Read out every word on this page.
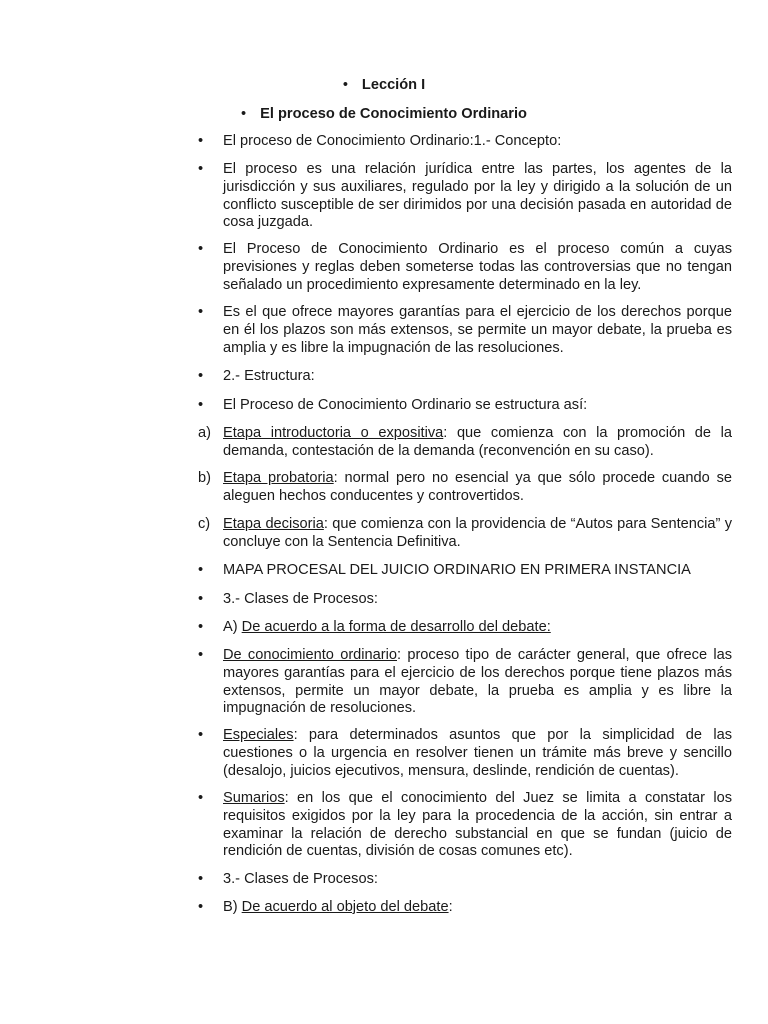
• Lección I
• El proceso de Conocimiento Ordinario
•	El proceso de Conocimiento Ordinario:1.- Concepto:
•	El proceso es una relación jurídica entre las partes, los agentes de la jurisdicción y sus auxiliares, regulado por la ley y dirigido a la solución de un conflicto susceptible de ser dirimidos por una decisión pasada en autoridad de cosa juzgada.
•	El Proceso de Conocimiento Ordinario es el proceso común a cuyas previsiones y reglas deben someterse todas las controversias que no tengan señalado un procedimiento expresamente determinado en la ley.
•	Es el que ofrece mayores garantías para el ejercicio de los derechos porque en él los plazos son más extensos, se permite un mayor debate, la prueba es amplia y es libre la impugnación de las resoluciones.
•	2.- Estructura:
•	El Proceso de Conocimiento Ordinario se estructura así:
a) Etapa introductoria o expositiva: que comienza con la promoción de la demanda, contestación de la demanda (reconvención en su caso).
b) Etapa probatoria: normal pero no esencial ya que sólo procede cuando se aleguen hechos conducentes y controvertidos.
c) Etapa decisoria: que comienza con la providencia de “Autos para Sentencia” y concluye con la Sentencia Definitiva.
•	MAPA PROCESAL DEL JUICIO ORDINARIO EN PRIMERA INSTANCIA
•	3.- Clases de Procesos:
•	A) De acuerdo a la forma de desarrollo del debate:
•	De conocimiento ordinario: proceso tipo de carácter general, que ofrece las mayores garantías para el ejercicio de los derechos porque tiene plazos más extensos, permite un mayor debate, la prueba es amplia y es libre la impugnación de resoluciones.
•	Especiales: para determinados asuntos que por la simplicidad de las cuestiones o la urgencia en resolver tienen un trámite más breve y sencillo (desalojo, juicios ejecutivos, mensura, deslinde, rendición de cuentas).
•	Sumarios: en los que el conocimiento del Juez se limita a constatar los requisitos exigidos por la ley para la procedencia de la acción, sin entrar a examinar la relación de derecho substancial en que se fundan (juicio de rendición de cuentas, división de cosas comunes etc).
•	3.- Clases de Procesos:
•	B) De acuerdo al objeto del debate:
